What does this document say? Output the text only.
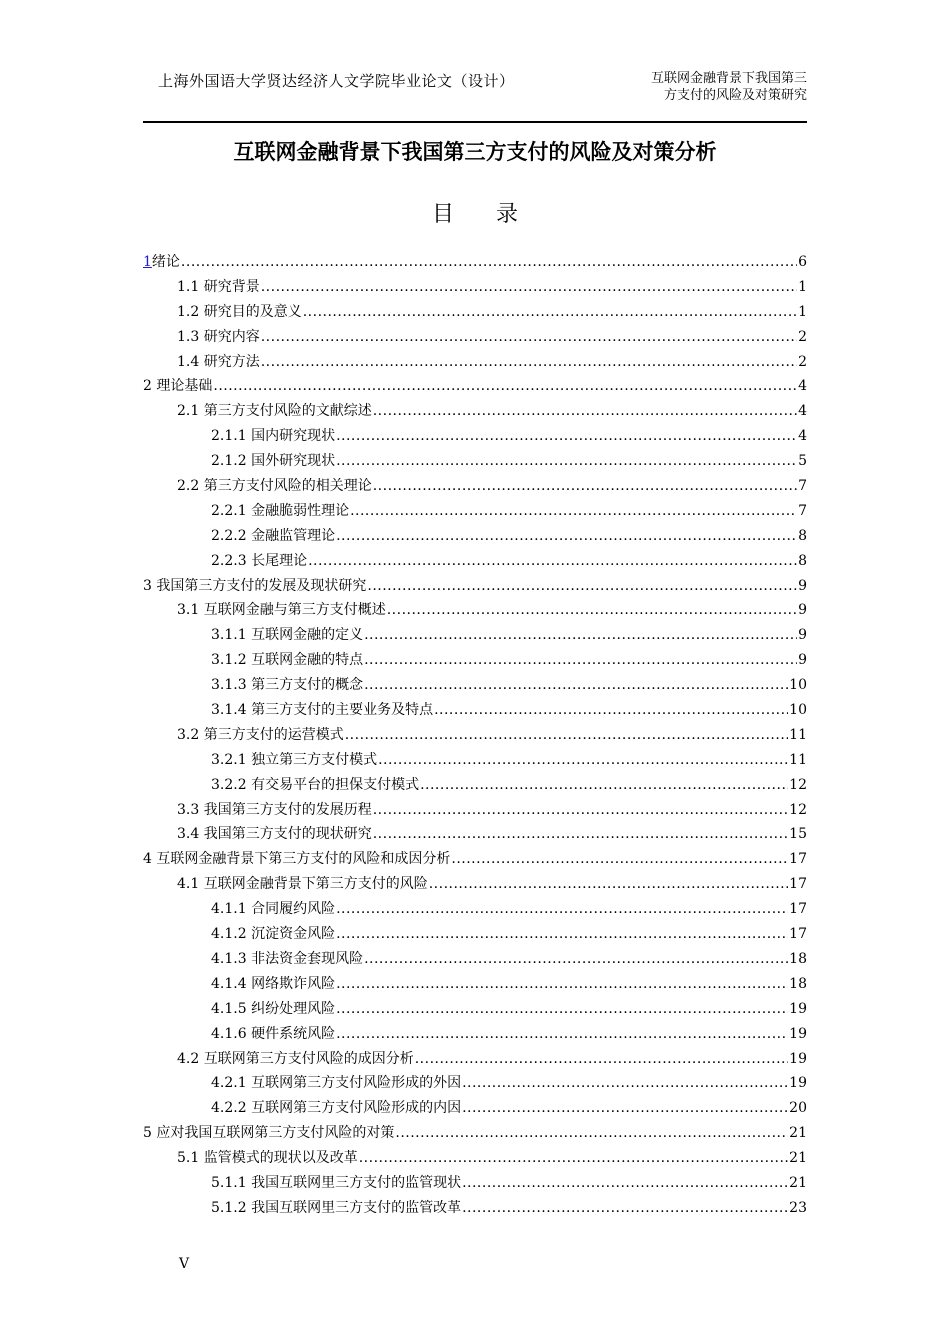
上海外国语大学贤达经济人文学院毕业论文（设计）	互联网金融背景下我国第三
方支付的风险及对策研究
互联网金融背景下我国第三方支付的风险及对策分析
目录
1绪论 .....	6
1.1 研究背景 .....	1
1.2 研究目的及意义 .....	1
1.3 研究内容 .....	2
1.4 研究方法 .....	2
2 理论基础 .....	4
2.1 第三方支付风险的文献综述 .....	4
2.1.1 国内研究现状 .....	4
2.1.2 国外研究现状 .....	5
2.2 第三方支付风险的相关理论 .....	7
2.2.1 金融脆弱性理论 .....	7
2.2.2 金融监管理论 .....	8
2.2.3 长尾理论 .....	8
3 我国第三方支付的发展及现状研究 .....	9
3.1 互联网金融与第三方支付概述 .....	9
3.1.1 互联网金融的定义 .....	9
3.1.2 互联网金融的特点 .....	9
3.1.3 第三方支付的概念 .....	10
3.1.4 第三方支付的主要业务及特点 .....	10
3.2 第三方支付的运营模式 .....	11
3.2.1 独立第三方支付模式 .....	11
3.2.2 有交易平台的担保支付模式 .....	12
3.3 我国第三方支付的发展历程 .....	12
3.4 我国第三方支付的现状研究 .....	15
4 互联网金融背景下第三方支付的风险和成因分析 .....	17
4.1 互联网金融背景下第三方支付的风险 .....	17
4.1.1 合同履约风险 .....	17
4.1.2 沉淀资金风险 .....	17
4.1.3 非法资金套现风险 .....	18
4.1.4 网络欺诈风险 .....	18
4.1.5 纠纷处理风险 .....	19
4.1.6 硬件系统风险 .....	19
4.2 互联网第三方支付风险的成因分析 .....	19
4.2.1 互联网第三方支付风险形成的外因 .....	19
4.2.2 互联网第三方支付风险形成的内因 .....	20
5 应对我国互联网第三方支付风险的对策 .....	21
5.1 监管模式的现状以及改革 .....	21
5.1.1 我国互联网里三方支付的监管现状 .....	21
5.1.2 我国互联网里三方支付的监管改革 .....	23
V
